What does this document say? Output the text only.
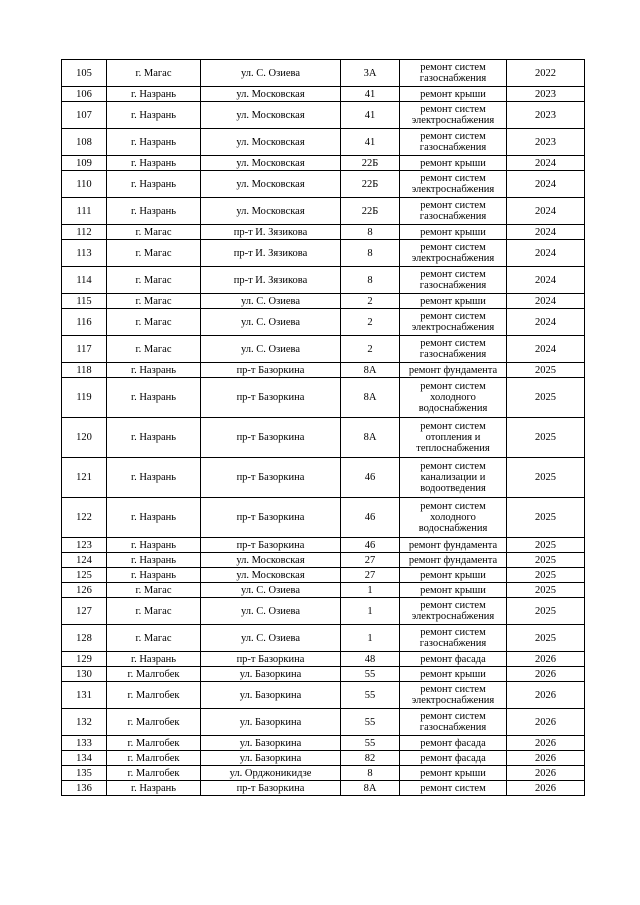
105	г. Магас	ул. С. Озиева	3А	ремонт систем газоснабжения	2022
106	г. Назрань	ул. Московская	41	ремонт крыши	2023
107	г. Назрань	ул. Московская	41	ремонт систем электроснабжения	2023
108	г. Назрань	ул. Московская	41	ремонт систем газоснабжения	2023
109	г. Назрань	ул. Московская	22Б	ремонт крыши	2024
110	г. Назрань	ул. Московская	22Б	ремонт систем электроснабжения	2024
111	г. Назрань	ул. Московская	22Б	ремонт систем газоснабжения	2024
112	г. Магас	пр-т И. Зязикова	8	ремонт крыши	2024
113	г. Магас	пр-т И. Зязикова	8	ремонт систем электроснабжения	2024
114	г. Магас	пр-т И. Зязикова	8	ремонт систем газоснабжения	2024
115	г. Магас	ул. С. Озиева	2	ремонт крыши	2024
116	г. Магас	ул. С. Озиева	2	ремонт систем электроснабжения	2024
117	г. Магас	ул. С. Озиева	2	ремонт систем газоснабжения	2024
118	г. Назрань	пр-т Базоркина	8А	ремонт фундамента	2025
119	г. Назрань	пр-т Базоркина	8А	ремонт систем холодного водоснабжения	2025
120	г. Назрань	пр-т Базоркина	8А	ремонт систем отопления и теплоснабжения	2025
121	г. Назрань	пр-т Базоркина	46	ремонт систем канализации и водоотведения	2025
122	г. Назрань	пр-т Базоркина	46	ремонт систем холодного водоснабжения	2025
123	г. Назрань	пр-т Базоркина	46	ремонт фундамента	2025
124	г. Назрань	ул. Московская	27	ремонт фундамента	2025
125	г. Назрань	ул. Московская	27	ремонт крыши	2025
126	г. Магас	ул. С. Озиева	1	ремонт крыши	2025
127	г. Магас	ул. С. Озиева	1	ремонт систем электроснабжения	2025
128	г. Магас	ул. С. Озиева	1	ремонт систем газоснабжения	2025
129	г. Назрань	пр-т Базоркина	48	ремонт фасада	2026
130	г. Малгобек	ул. Базоркина	55	ремонт крыши	2026
131	г. Малгобек	ул. Базоркина	55	ремонт систем электроснабжения	2026
132	г. Малгобек	ул. Базоркина	55	ремонт систем газоснабжения	2026
133	г. Малгобек	ул. Базоркина	55	ремонт фасада	2026
134	г. Малгобек	ул. Базоркина	82	ремонт фасада	2026
135	г. Малгобек	ул. Орджоникидзе	8	ремонт крыши	2026
136	г. Назрань	пр-т Базоркина	8А	ремонт систем	2026
